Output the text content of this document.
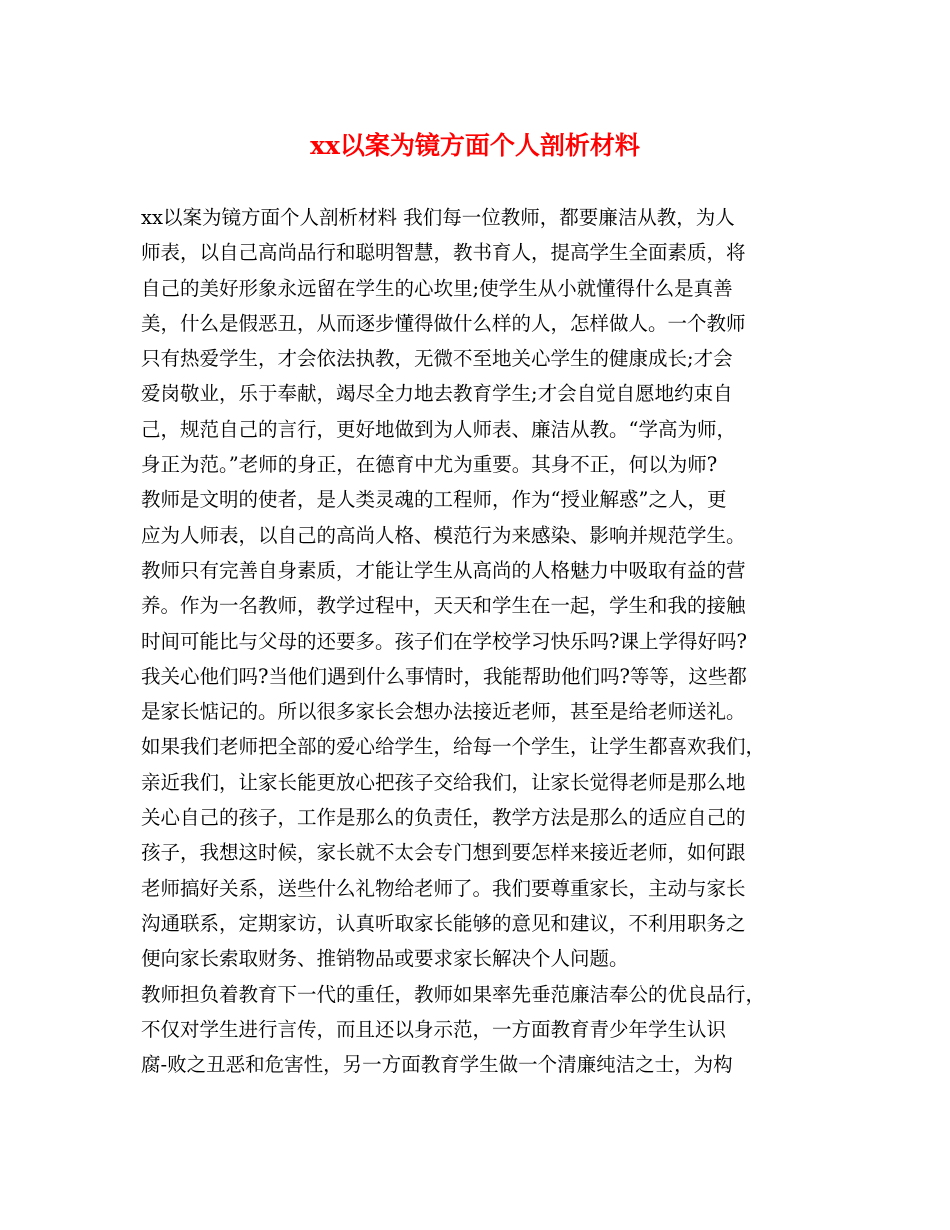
xx以案为镜方面个人剖析材料
xx以案为镜方面个人剖析材料 我们每一位教师，都要廉洁从教，为人
师表，以自己高尚品行和聪明智慧，教书育人，提高学生全面素质，将
自己的美好形象永远留在学生的心坎里;使学生从小就懂得什么是真善
美，什么是假恶丑，从而逐步懂得做什么样的人，怎样做人。一个教师
只有热爱学生，才会依法执教，无微不至地关心学生的健康成长;才会
爱岗敬业，乐于奉献，竭尽全力地去教育学生;才会自觉自愿地约束自
己，规范自己的言行，更好地做到为人师表、廉洁从教。“学高为师，
身正为范。”老师的身正，在德育中尤为重要。其身不正，何以为师?
教师是文明的使者，是人类灵魂的工程师，作为“授业解惑”之人，更
应为人师表，以自己的高尚人格、模范行为来感染、影响并规范学生。
教师只有完善自身素质，才能让学生从高尚的人格魅力中吸取有益的营
养。作为一名教师，教学过程中，天天和学生在一起，学生和我的接触
时间可能比与父母的还要多。孩子们在学校学习快乐吗?课上学得好吗?
我关心他们吗?当他们遇到什么事情时，我能帮助他们吗?等等，这些都
是家长惦记的。所以很多家长会想办法接近老师，甚至是给老师送礼。
如果我们老师把全部的爱心给学生，给每一个学生，让学生都喜欢我们，
亲近我们，让家长能更放心把孩子交给我们，让家长觉得老师是那么地
关心自己的孩子，工作是那么的负责任，教学方法是那么的适应自己的
孩子，我想这时候，家长就不太会专门想到要怎样来接近老师，如何跟
老师搞好关系，送些什么礼物给老师了。我们要尊重家长，主动与家长
沟通联系，定期家访，认真听取家长能够的意见和建议，不利用职务之
便向家长索取财务、推销物品或要求家长解决个人问题。
教师担负着教育下一代的重任，教师如果率先垂范廉洁奉公的优良品行，
不仅对学生进行言传，而且还以身示范，一方面教育青少年学生认识
腐-败之丑恶和危害性，另一方面教育学生做一个清廉纯洁之士，为构
